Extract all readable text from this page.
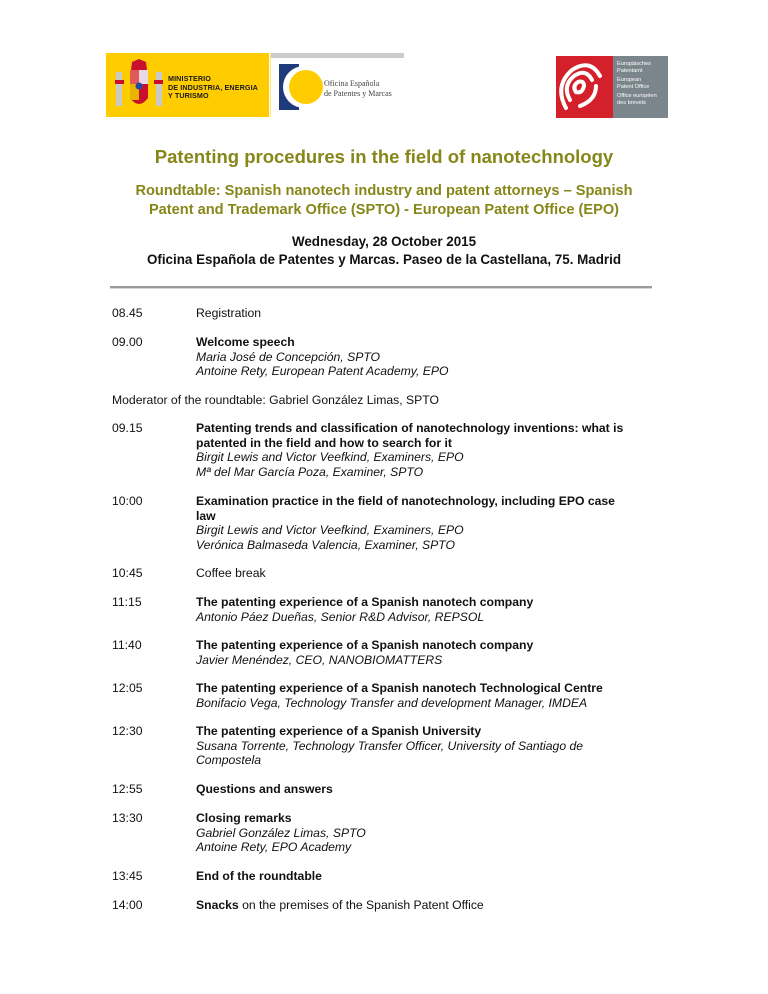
MINISTERIO
DE INDUSTRIA, ENERGIA
Y TURISMO
Oficina Española
de Patentes y Marcas
Europäisches
Patentamt
European
Patent Office
Office européen
des brevets
Patenting procedures in the field of nanotechnology
Roundtable: Spanish nanotech industry and patent attorneys – Spanish
Patent and Trademark Office (SPTO) - European Patent Office (EPO)
Wednesday, 28 October 2015
Oficina Española de Patentes y Marcas. Paseo de la Castellana, 75. Madrid
08.45	Registration
09.00	Welcome speech
Maria José de Concepción, SPTO
Antoine Rety, European Patent Academy, EPO
Moderator of the roundtable: Gabriel González Limas, SPTO
09.15	Patenting trends and classification of nanotechnology inventions: what is
patented in the field and how to search for it
Birgit Lewis and Victor Veefkind, Examiners, EPO
Mª del Mar García Poza, Examiner, SPTO
10:00	Examination practice in the field of nanotechnology, including EPO case
law
Birgit Lewis and Victor Veefkind, Examiners, EPO
Verónica Balmaseda Valencia, Examiner, SPTO
10:45	Coffee break
11:15	The patenting experience of a Spanish nanotech company
Antonio Páez Dueñas, Senior R&D Advisor, REPSOL
11:40	The patenting experience of a Spanish nanotech company
Javier Menéndez, CEO, NANOBIOMATTERS
12:05	The patenting experience of a Spanish nanotech Technological Centre
Bonifacio Vega, Technology Transfer and development Manager, IMDEA
12:30	The patenting experience of a Spanish University
Susana Torrente, Technology Transfer Officer, University of Santiago de
Compostela
12:55	Questions and answers
13:30	Closing remarks
Gabriel González Limas, SPTO
Antoine Rety, EPO Academy
13:45	End of the roundtable
14:00	Snacks on the premises of the Spanish Patent Office
